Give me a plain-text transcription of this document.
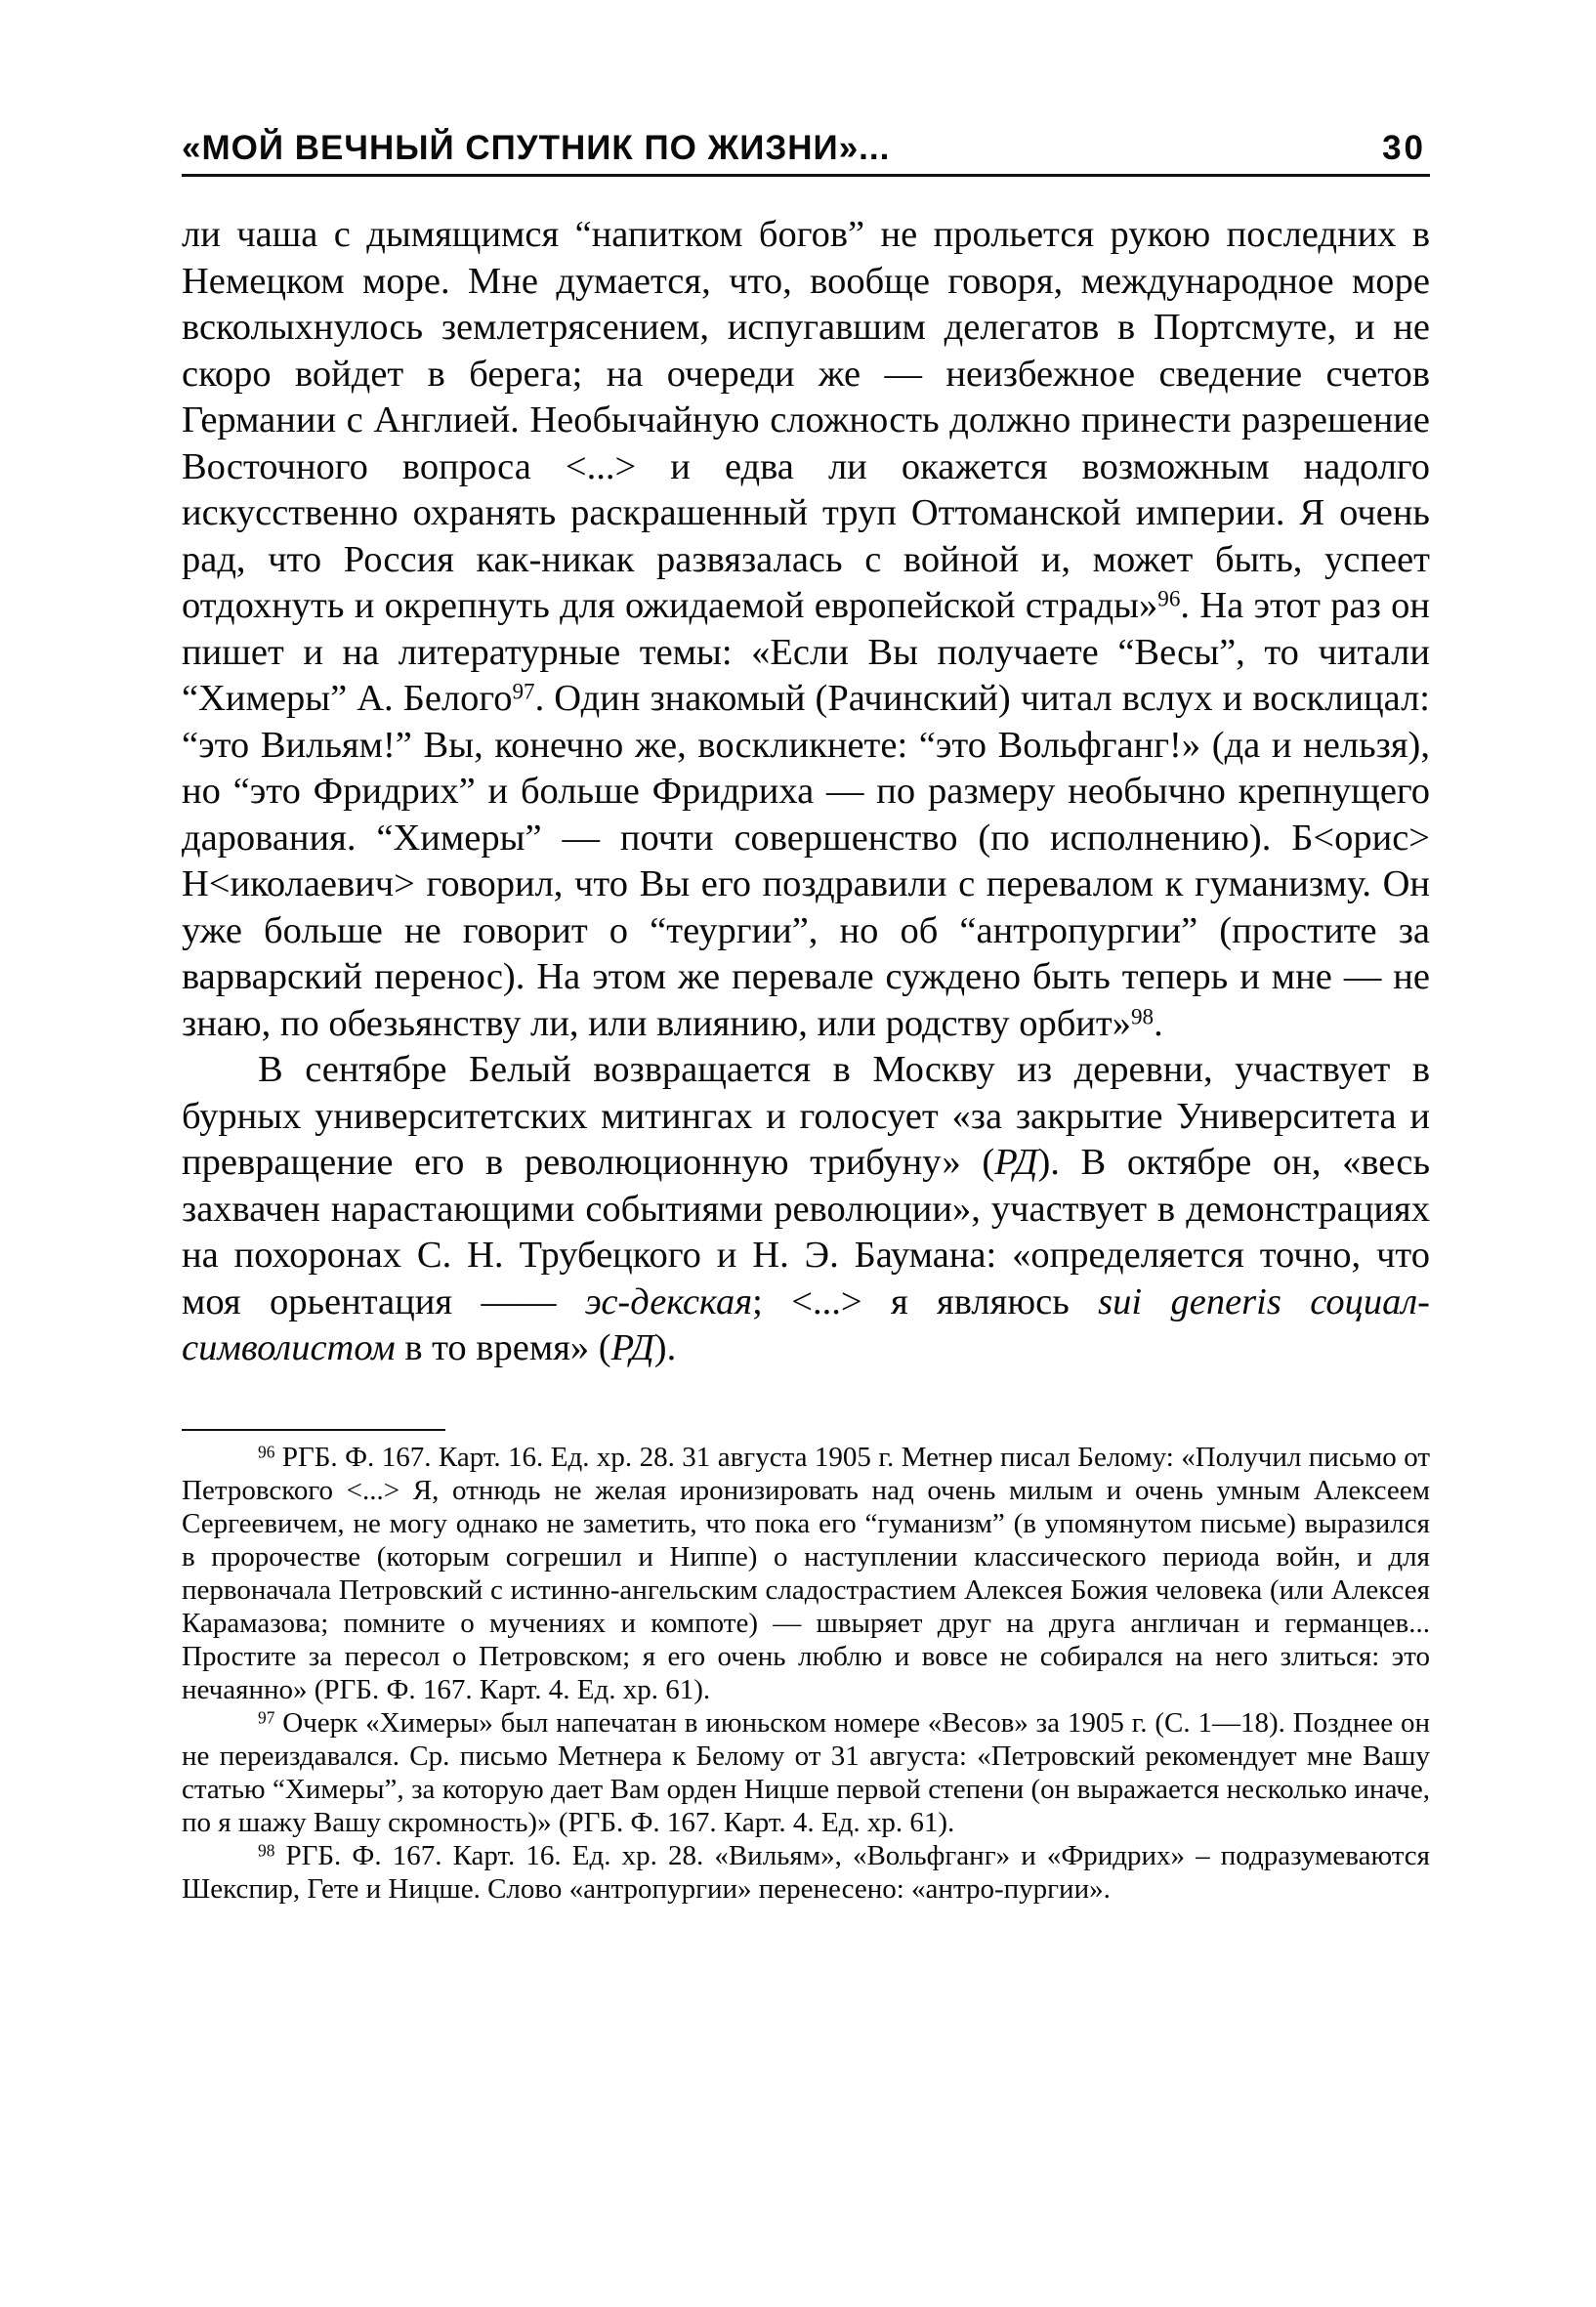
«МОЙ ВЕЧНЫЙ СПУТНИК ПО ЖИЗНИ»...	30

ли чаша с дымящимся “напитком богов” не прольется рукою последних в Немецком море. Мне думается, что, вообще говоря, международное море всколыхнулось землетрясением, испугавшим делегатов в Портсмуте, и не скоро войдет в берега; на очереди же — неизбежное сведение счетов Германии с Англией. Необычайную сложность должно принести разрешение Восточного вопроса <...> и едва ли окажется возможным надолго искусственно охранять раскрашенный труп Оттоманской империи. Я очень рад, что Россия как-никак развязалась с войной и, может быть, успеет отдохнуть и окрепнуть для ожидаемой европейской страды»$^{96}$. На этот раз он пишет и на литературные темы: «Если Вы получаете “Весы”, то читали “Химеры” А. Белого$^{97}$. Один знакомый (Рачинский) читал вслух и восклицал: “это Вильям!” Вы, конечно же, воскликнете: “это Вольфганг!» (да и нельзя), но “это Фридрих” и больше Фридриха — по размеру необычно крепнущего дарования. “Химеры” — почти совершенство (по исполнению). Б<орис> Н<иколаевич> говорил, что Вы его поздравили с перевалом к гуманизму. Он уже больше не говорит о “теургии”, но об “антропургии” (простите за варварский перенос). На этом же перевале суждено быть теперь и мне — не знаю, по обезьянству ли, или влиянию, или родству орбит»$^{98}$.

В сентябре Белый возвращается в Москву из деревни, участвует в бурных университетских митингах и голосует «за закрытие Университета и превращение его в революционную трибуну» (РД). В октябре он, «весь захвачен нарастающими событиями революции», участвует в демонстрациях на похоронах С. Н. Трубецкого и Н. Э. Баумана: «определяется точно, что моя орьентация —— эс-декская; <...> я являюсь sui generis социал-символистом в то время» (РД).

$^{96}$ РГБ. Ф. 167. Карт. 16. Ед. хр. 28. 31 августа 1905 г. Метнер писал Белому: «Получил письмо от Петровского <...> Я, отнюдь не желая иронизировать над очень милым и очень умным Алексеем Сергеевичем, не могу однако не заметить, что пока его “гуманизм” (в упомянутом письме) выразился в пророчестве (которым согрешил и Ниппе) о наступлении классического периода войн, и для первоначала Петровский с истинно-ангельским сладострастием Алексея Божия человека (или Алексея Карамазова; помните о мучениях и компоте) — швыряет друг на друга англичан и германцев... Простите за пересол о Петровском; я его очень люблю и вовсе не собирался на него злиться: это нечаянно» (РГБ. Ф. 167. Карт. 4. Ед. хр. 61).

$^{97}$ Очерк «Химеры» был напечатан в июньском номере «Весов» за 1905 г. (С. 1—18). Позднее он не переиздавался. Ср. письмо Метнера к Белому от 31 августа: «Петровский рекомендует мне Вашу статью “Химеры”, за которую дает Вам орден Ницше первой степени (он выражается несколько иначе, по я шажу Вашу скромность)» (РГБ. Ф. 167. Карт. 4. Ед. хр. 61).

$^{98}$ РГБ. Ф. 167. Карт. 16. Ед. хр. 28. «Вильям», «Вольфганг» и «Фридрих» – подразумеваются Шекспир, Гете и Ницше. Слово «антропургии» перенесено: «антро-пургии».
